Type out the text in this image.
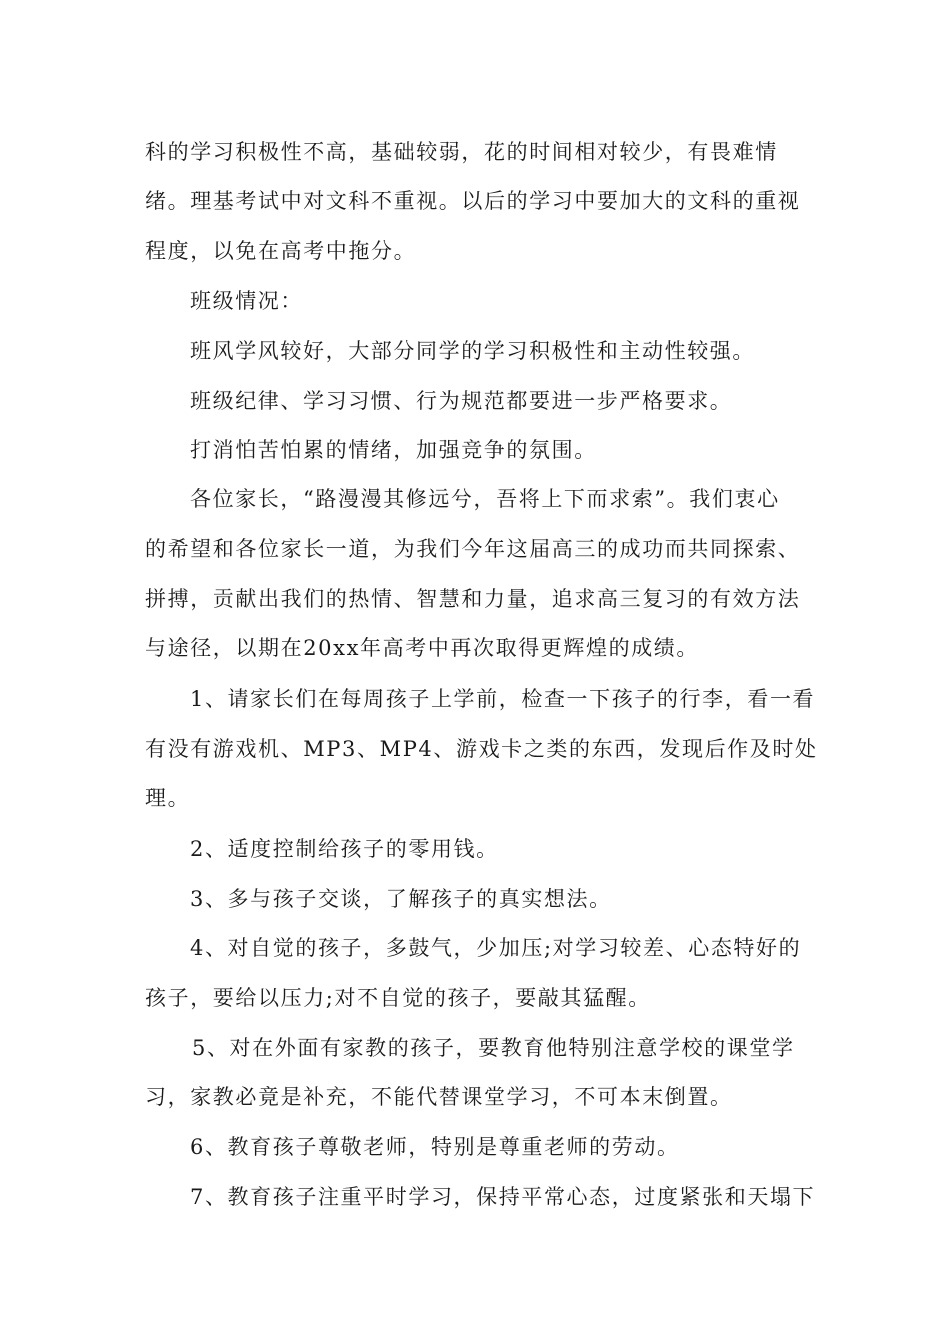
科的学习积极性不高，基础较弱，花的时间相对较少，有畏难情

绪。理基考试中对文科不重视。以后的学习中要加大的文科的重视

程度，以免在高考中拖分。

班级情况：

班风学风较好，大部分同学的学习积极性和主动性较强。

班级纪律、学习习惯、行为规范都要进一步严格要求。

打消怕苦怕累的情绪，加强竞争的氛围。

各位家长，“路漫漫其修远兮，吾将上下而求索”。我们衷心

的希望和各位家长一道，为我们今年这届高三的成功而共同探索、

拼搏，贡献出我们的热情、智慧和力量，追求高三复习的有效方法

与途径，以期在20xx年高考中再次取得更辉煌的成绩。

1、请家长们在每周孩子上学前，检查一下孩子的行李，看一看

有没有游戏机、MP3、MP4、游戏卡之类的东西，发现后作及时处

理。

2、适度控制给孩子的零用钱。

3、多与孩子交谈，了解孩子的真实想法。

4、对自觉的孩子，多鼓气，少加压;对学习较差、心态特好的

孩子，要给以压力;对不自觉的孩子，要敲其猛醒。

5、对在外面有家教的孩子，要教育他特别注意学校的课堂学

习，家教必竟是补充，不能代替课堂学习，不可本末倒置。

6、教育孩子尊敬老师，特别是尊重老师的劳动。

7、教育孩子注重平时学习，保持平常心态，过度紧张和天塌下
